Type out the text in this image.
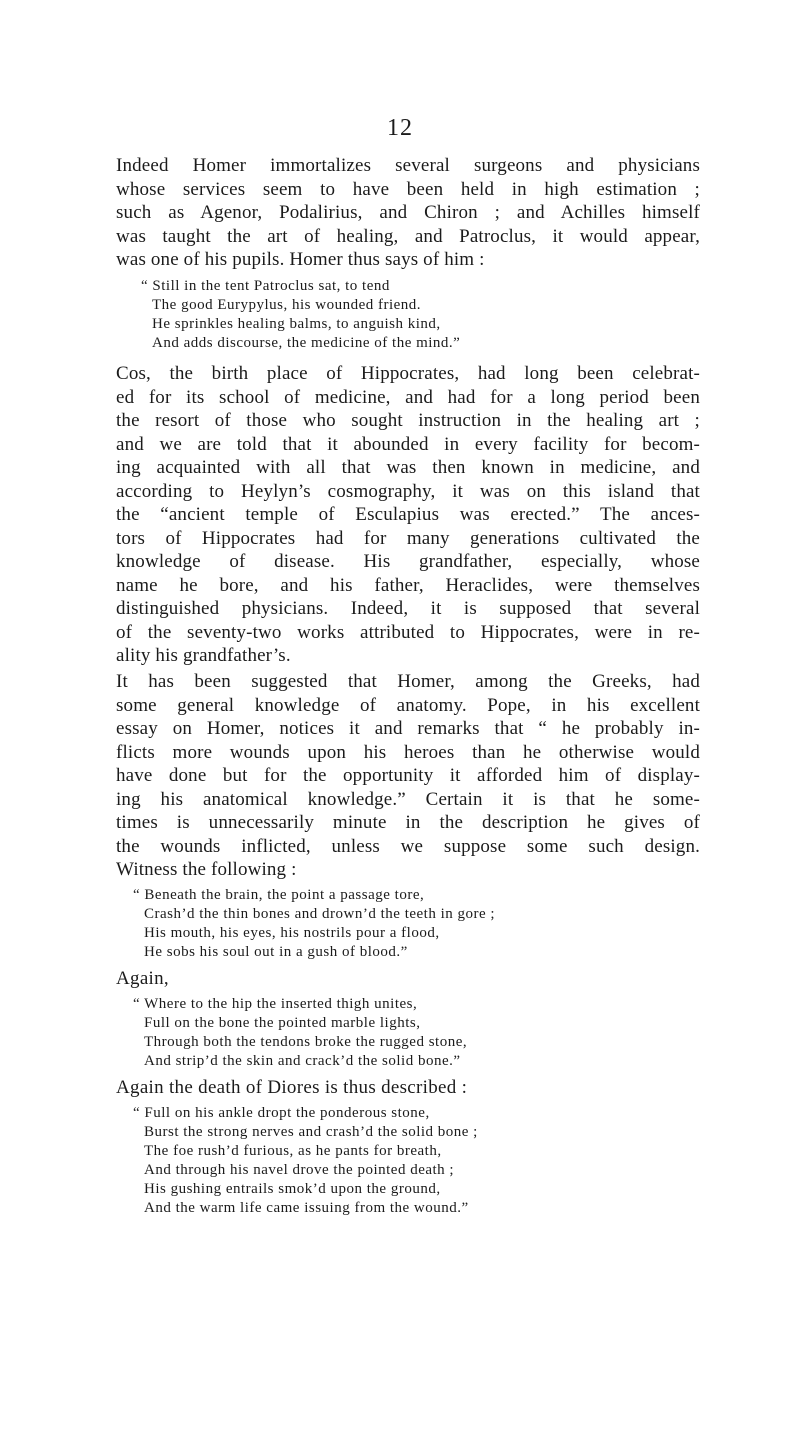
12

Indeed Homer immortalizes several surgeons and physicians
whose services seem to have been held in high estimation ;
such as Agenor, Podalirius, and Chiron ; and Achilles himself
was taught the art of healing, and Patroclus, it would appear,
was one of his pupils. Homer thus says of him :

“ Still in the tent Patroclus sat, to tend
The good Eurypylus, his wounded friend.
He sprinkles healing balms, to anguish kind,
And adds discourse, the medicine of the mind.”

Cos, the birth place of Hippocrates, had long been celebrat-
ed for its school of medicine, and had for a long period been
the resort of those who sought instruction in the healing art ;
and we are told that it abounded in every facility for becom-
ing acquainted with all that was then known in medicine, and
according to Heylyn’s cosmography, it was on this island that
the “ancient temple of Esculapius was erected.” The ances-
tors of Hippocrates had for many generations cultivated the
knowledge of disease. His grandfather, especially, whose
name he bore, and his father, Heraclides, were themselves
distinguished physicians. Indeed, it is supposed that several
of the seventy-two works attributed to Hippocrates, were in re-
ality his grandfather’s.

It has been suggested that Homer, among the Greeks, had
some general knowledge of anatomy. Pope, in his excellent
essay on Homer, notices it and remarks that “ he probably in-
flicts more wounds upon his heroes than he otherwise would
have done but for the opportunity it afforded him of display-
ing his anatomical knowledge.” Certain it is that he some-
times is unnecessarily minute in the description he gives of
the wounds inflicted, unless we suppose some such design.
Witness the following :

“ Beneath the brain, the point a passage tore,
Crash’d the thin bones and drown’d the teeth in gore ;
His mouth, his eyes, his nostrils pour a flood,
He sobs his soul out in a gush of blood.”
Again,
“ Where to the hip the inserted thigh unites,
Full on the bone the pointed marble lights,
Through both the tendons broke the rugged stone,
And strip’d the skin and crack’d the solid bone.”
Again the death of Diores is thus described :
“ Full on his ankle dropt the ponderous stone,
Burst the strong nerves and crash’d the solid bone ;
The foe rush’d furious, as he pants for breath,
And through his navel drove the pointed death ;
His gushing entrails smok’d upon the ground,
And the warm life came issuing from the wound.”
